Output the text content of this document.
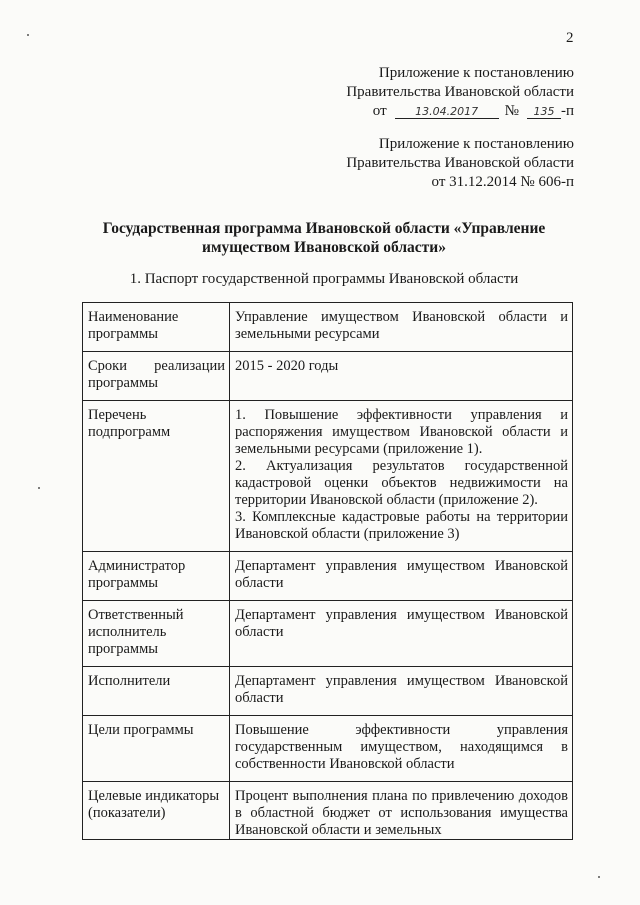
2
Приложение к постановлению
Правительства Ивановской области
от	13.04.2017 № 135 -п
Приложение к постановлению
Правительства Ивановской области
от 31.12.2014 № 606-п
Государственная программа Ивановской области «Управление имуществом Ивановской области»
1. Паспорт государственной программы Ивановской области
Наименование программы	Управление имуществом Ивановской области и земельными ресурсами
Сроки реализации программы	2015 - 2020 годы
Перечень подпрограмм	1. Повышение эффективности управления и распоряжения имуществом Ивановской области и земельными ресурсами (приложение 1).
2. Актуализация результатов государственной кадастровой оценки объектов недвижимости на территории Ивановской области (приложение 2).
3. Комплексные кадастровые работы на территории Ивановской области (приложение 3)

Администратор программы	Департамент управления имуществом Ивановской области
Ответственный исполнитель программы	Департамент управления имуществом Ивановской области
Исполнители	Департамент управления имуществом Ивановской области
Цели программы	Повышение эффективности управления государственным имуществом, находящимся в собственности Ивановской области
Целевые индикаторы (показатели)	Процент выполнения плана по привлечению доходов в областной бюджет от использования имущества Ивановской области и земельных
